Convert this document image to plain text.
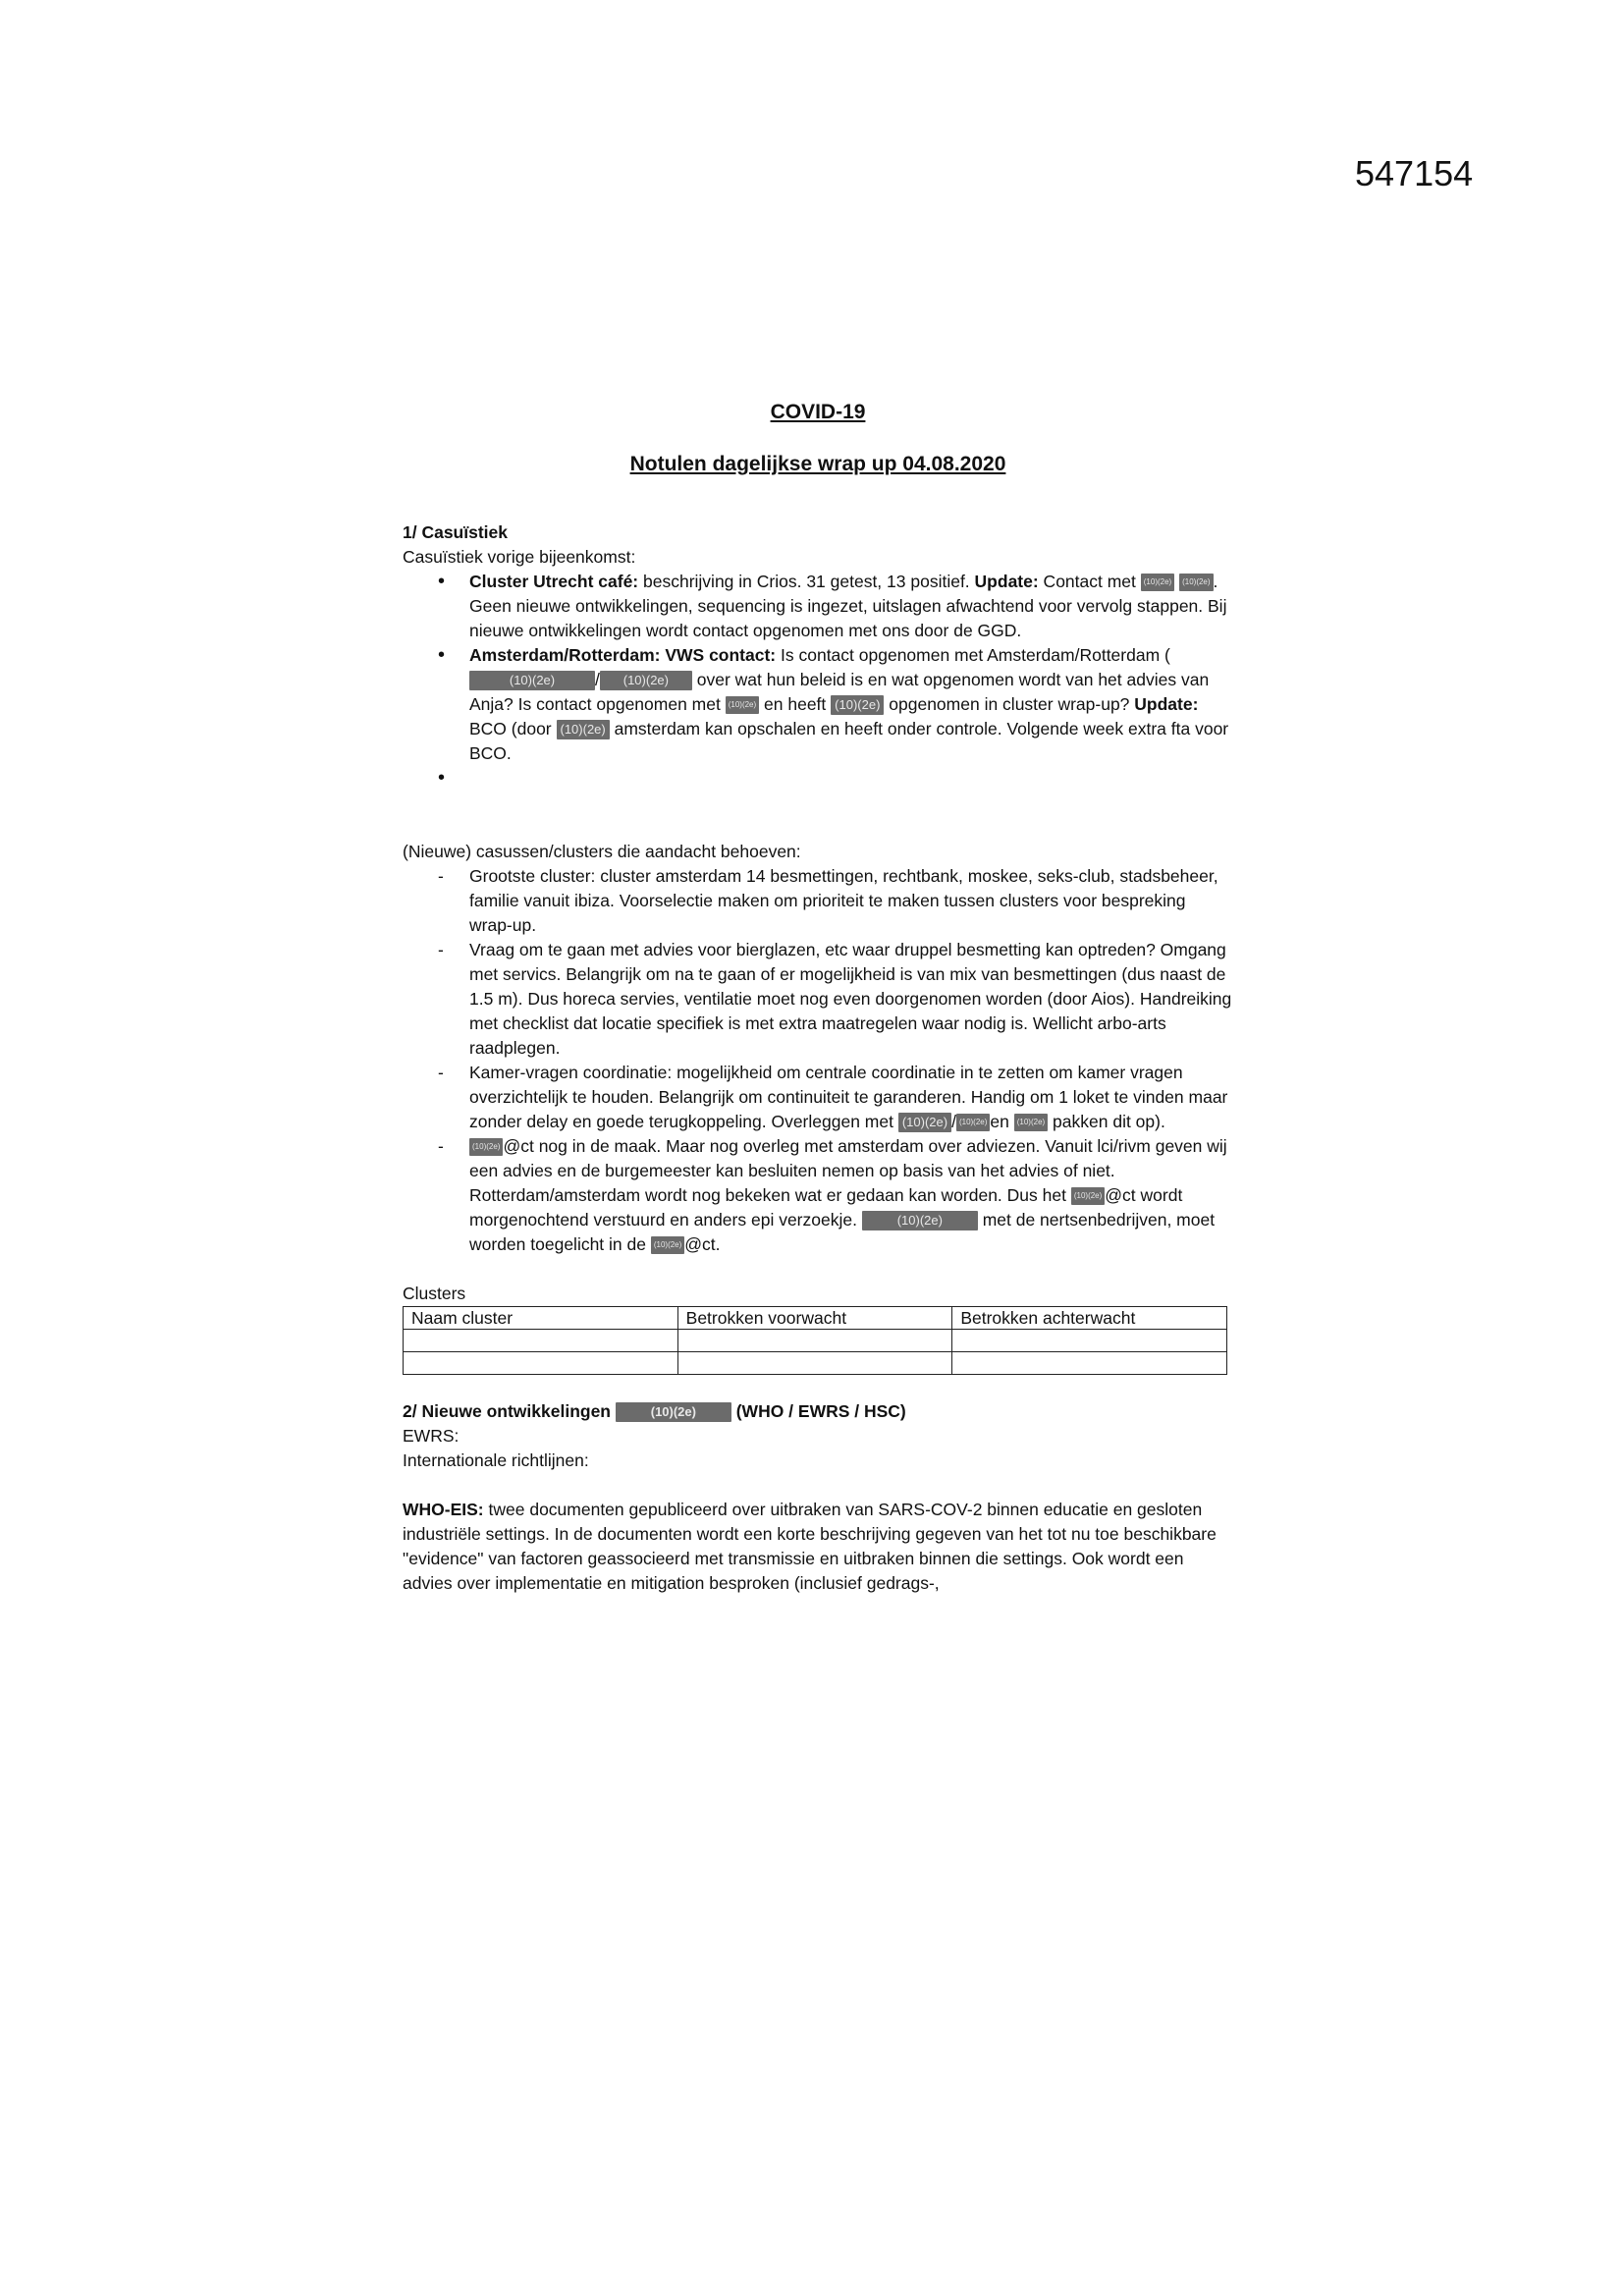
547154

COVID-19

Notulen dagelijkse wrap up 04.08.2020

1/ Casuïstiek

Casuïstiek vorige bijeenkomst:

•	Cluster Utrecht café: beschrijving in Crios. 31 getest, 13 positief. Update: Contact met (10)(2e) (10)(2e) . Geen nieuwe ontwikkelingen, sequencing is ingezet, uitslagen afwachtend voor vervolg stappen. Bij nieuwe ontwikkelingen wordt contact opgenomen met ons door de GGD.
•	Amsterdam/Rotterdam: VWS contact: Is contact opgenomen met Amsterdam/Rotterdam ((10)(2e) / (10)(2e) over wat hun beleid is en wat opgenomen wordt van het advies van Anja? Is contact opgenomen met (10)(2e) en heeft (10)(2e) opgenomen in cluster wrap-up? Update: BCO (door (10)(2e) amsterdam kan opschalen en heeft onder controle. Volgende week extra fta voor BCO.
•

(Nieuwe) casussen/clusters die aandacht behoeven:

-	Grootste cluster: cluster amsterdam 14 besmettingen, rechtbank, moskee, seks-club, stadsbeheer, familie vanuit ibiza. Voorselectie maken om prioriteit te maken tussen clusters voor bespreking wrap-up.
-	Vraag om te gaan met advies voor bierglazen, etc waar druppel besmetting kan optreden? Omgang met servics. Belangrijk om na te gaan of er mogelijkheid is van mix van besmettingen (dus naast de 1.5 m). Dus horeca servies, ventilatie moet nog even doorgenomen worden (door Aios). Handreiking met checklist dat locatie specifiek is met extra maatregelen waar nodig is. Wellicht arbo-arts raadplegen.
-	Kamer-vragen coordinatie: mogelijkheid om centrale coordinatie in te zetten om kamer vragen overzichtelijk te houden. Belangrijk om continuiteit te garanderen. Handig om 1 loket te vinden maar zonder delay en goede terugkoppeling. Overleggen met (10)(2e) / (10)(2e) en (10)(2e) pakken dit op).
-	(10)(2e) @ct nog in de maak. Maar nog overleg met amsterdam over adviezen. Vanuit lci/rivm geven wij een advies en de burgemeester kan besluiten nemen op basis van het advies of niet. Rotterdam/amsterdam wordt nog bekeken wat er gedaan kan worden. Dus het (10)(2e) @ct wordt morgenochtend verstuurd en anders epi verzoekje.	(10)(2e) met de nertsenbedrijven, moet worden toegelicht in de (10)(2e) @ct.

Clusters

Naam cluster	Betrokken voorwacht	Betrokken achterwacht

2/ Nieuwe ontwikkelingen	(10)(2e) (WHO / EWRS / HSC)

EWRS:

Internationale richtlijnen:

WHO-EIS: twee documenten gepubliceerd over uitbraken van SARS-COV-2 binnen educatie en gesloten industriële settings. In de documenten wordt een korte beschrijving gegeven van het tot nu toe beschikbare "evidence" van factoren geassocieerd met transmissie en uitbraken binnen die settings. Ook wordt een advies over implementatie en mitigation besproken (inclusief gedrags-,
